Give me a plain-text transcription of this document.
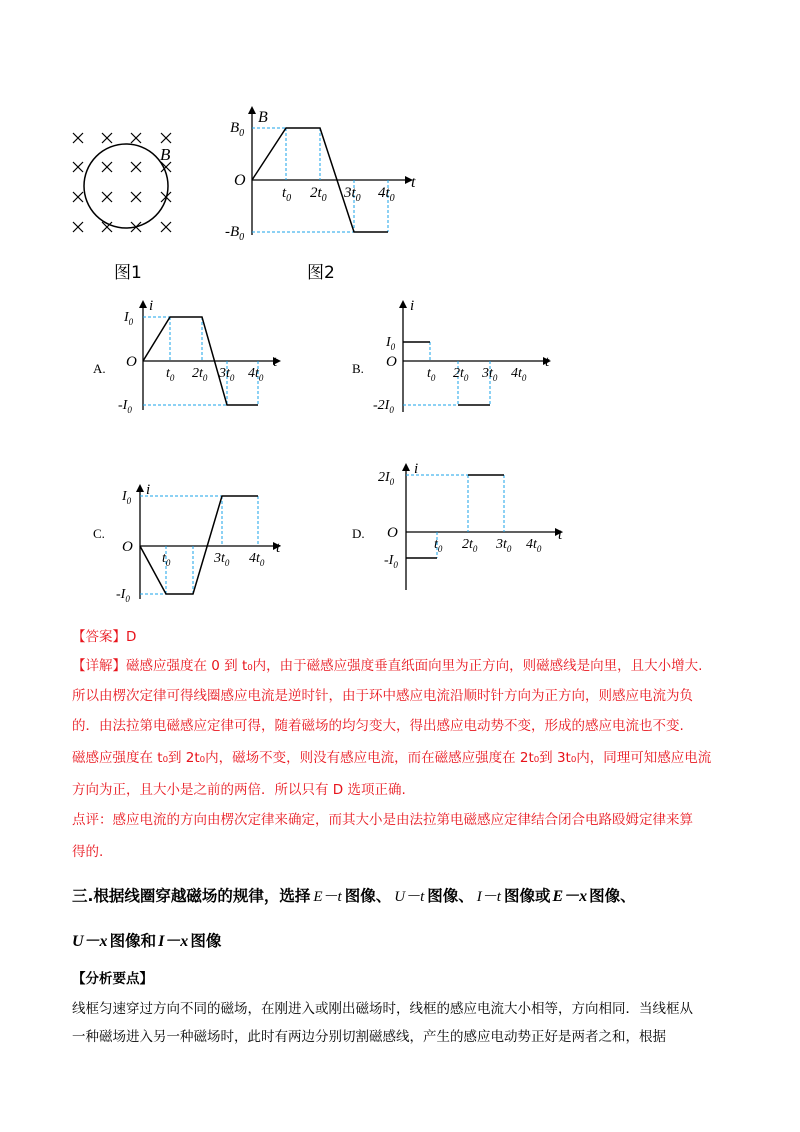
B
图1
B
t
O
$B_0$
$-B_0$
$t_0$ $2t_0$ $3t_0$ $4t_0$
图2
A.
i
t
O
$I_0$
$-I_0$
$t_0$ $2t_0$ $3t_0$ $4t_0$
B.
i
t
O
$I_0$
$-2I_0$
$t_0$ $2t_0$ $3t_0$ $4t_0$
C.
i
t
O
$I_0$
$-I_0$
$t_0$	$3t_0$ $4t_0$
D.
i
t
O
$2I_0$
$-I_0$
$t_0$ $2t_0$ $3t_0$ $4t_0$
【答案】D
【详解】磁感应强度在 0 到 t₀内，由于磁感应强度垂直纸面向里为正方向，则磁感线是向里，且大小增大.
所以由楞次定律可得线圈感应电流是逆时针，由于环中感应电流沿顺时针方向为正方向，则感应电流为负
的．由法拉第电磁感应定律可得，随着磁场的均匀变大，得出感应电动势不变，形成的感应电流也不变.
磁感应强度在 t₀到 2t₀内，磁场不变，则没有感应电流，而在磁感应强度在 2t₀到 3t₀内，同理可知感应电流
方向为正，且大小是之前的两倍．所以只有 D 选项正确.
点评：感应电流的方向由楞次定律来确定，而其大小是由法拉第电磁感应定律结合闭合电路殴姆定律来算
得的.
三.根据线圈穿越磁场的规律，选择 E－t 图像、 U－t 图像、 I－t 图像或 E－x 图像、
U－x 图像和 I－x 图像
【分析要点】
线框匀速穿过方向不同的磁场，在刚进入或刚出磁场时，线框的感应电流大小相等，方向相同．当线框从
一种磁场进入另一种磁场时，此时有两边分别切割磁感线，产生的感应电动势正好是两者之和，根据
